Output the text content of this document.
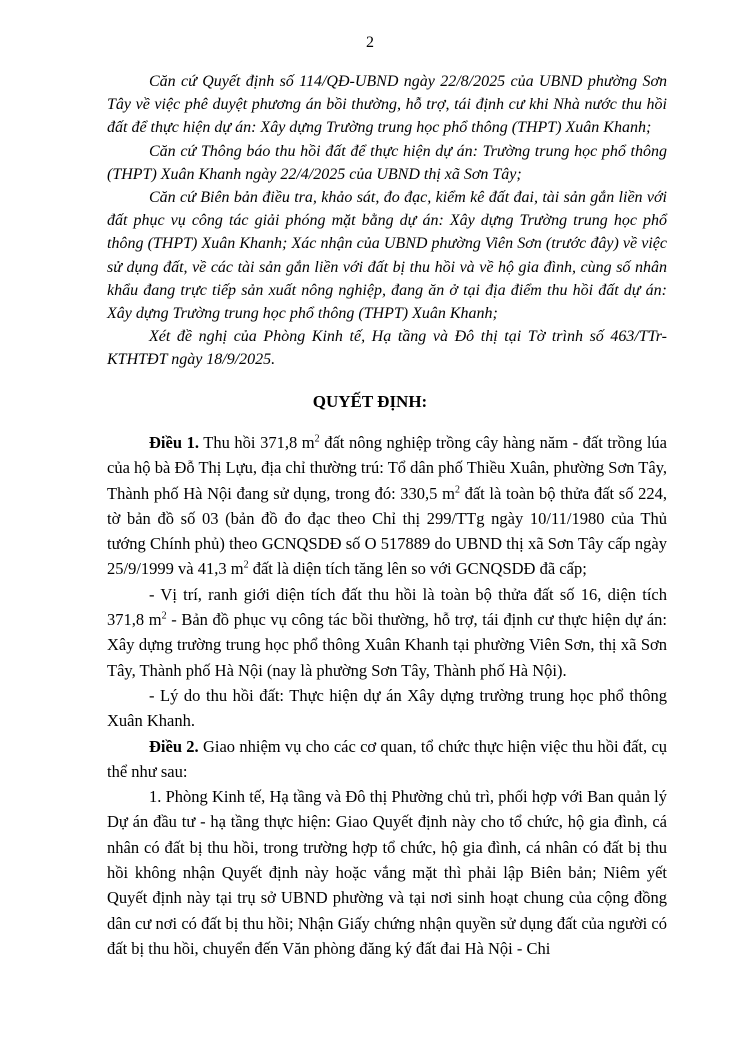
2

Căn cứ Quyết định số 114/QĐ-UBND ngày 22/8/2025 của UBND phường Sơn Tây về việc phê duyệt phương án bồi thường, hỗ trợ, tái định cư khi Nhà nước thu hồi đất để thực hiện dự án: Xây dựng Trường trung học phổ thông (THPT) Xuân Khanh;

Căn cứ Thông báo thu hồi đất để thực hiện dự án: Trường trung học phổ thông (THPT) Xuân Khanh ngày 22/4/2025 của UBND thị xã Sơn Tây;

Căn cứ Biên bản điều tra, khảo sát, đo đạc, kiểm kê đất đai, tài sản gắn liền với đất phục vụ công tác giải phóng mặt bằng dự án: Xây dựng Trường trung học phổ thông (THPT) Xuân Khanh; Xác nhận của UBND phường Viên Sơn (trước đây) về việc sử dụng đất, về các tài sản gắn liền với đất bị thu hồi và về hộ gia đình, cùng số nhân khẩu đang trực tiếp sản xuất nông nghiệp, đang ăn ở tại địa điểm thu hồi đất dự án: Xây dựng Trường trung học phổ thông (THPT) Xuân Khanh;

Xét đề nghị của Phòng Kinh tế, Hạ tầng và Đô thị tại Tờ trình số 463/TTr-KTHTĐT ngày 18/9/2025.

QUYẾT ĐỊNH:

Điều 1. Thu hồi 371,8 $m^2$ đất nông nghiệp trồng cây hàng năm - đất trồng lúa của hộ bà Đỗ Thị Lựu, địa chỉ thường trú: Tổ dân phố Thiều Xuân, phường Sơn Tây, Thành phố Hà Nội đang sử dụng, trong đó: 330,5 $m^2$ đất là toàn bộ thửa đất số 224, tờ bản đồ số 03 (bản đồ đo đạc theo Chỉ thị 299/TTg ngày 10/11/1980 của Thủ tướng Chính phủ) theo GCNQSDĐ số O 517889 do UBND thị xã Sơn Tây cấp ngày 25/9/1999 và 41,3 $m^2$ đất là diện tích tăng lên so với GCNQSDĐ đã cấp;

- Vị trí, ranh giới diện tích đất thu hồi là toàn bộ thửa đất số 16, diện tích 371,8 $m^2$ - Bản đồ phục vụ công tác bồi thường, hỗ trợ, tái định cư thực hiện dự án: Xây dựng trường trung học phổ thông Xuân Khanh tại phường Viên Sơn, thị xã Sơn Tây, Thành phố Hà Nội (nay là phường Sơn Tây, Thành phố Hà Nội).

- Lý do thu hồi đất: Thực hiện dự án Xây dựng trường trung học phổ thông Xuân Khanh.

Điều 2. Giao nhiệm vụ cho các cơ quan, tổ chức thực hiện việc thu hồi đất, cụ thể như sau:

1. Phòng Kinh tế, Hạ tầng và Đô thị Phường chủ trì, phối hợp với Ban quản lý Dự án đầu tư - hạ tầng thực hiện: Giao Quyết định này cho tổ chức, hộ gia đình, cá nhân có đất bị thu hồi, trong trường hợp tổ chức, hộ gia đình, cá nhân có đất bị thu hồi không nhận Quyết định này hoặc vắng mặt thì phải lập Biên bản; Niêm yết Quyết định này tại trụ sở UBND phường và tại nơi sinh hoạt chung của cộng đồng dân cư nơi có đất bị thu hồi; Nhận Giấy chứng nhận quyền sử dụng đất của người có đất bị thu hồi, chuyển đến Văn phòng đăng ký đất đai Hà Nội - Chi
